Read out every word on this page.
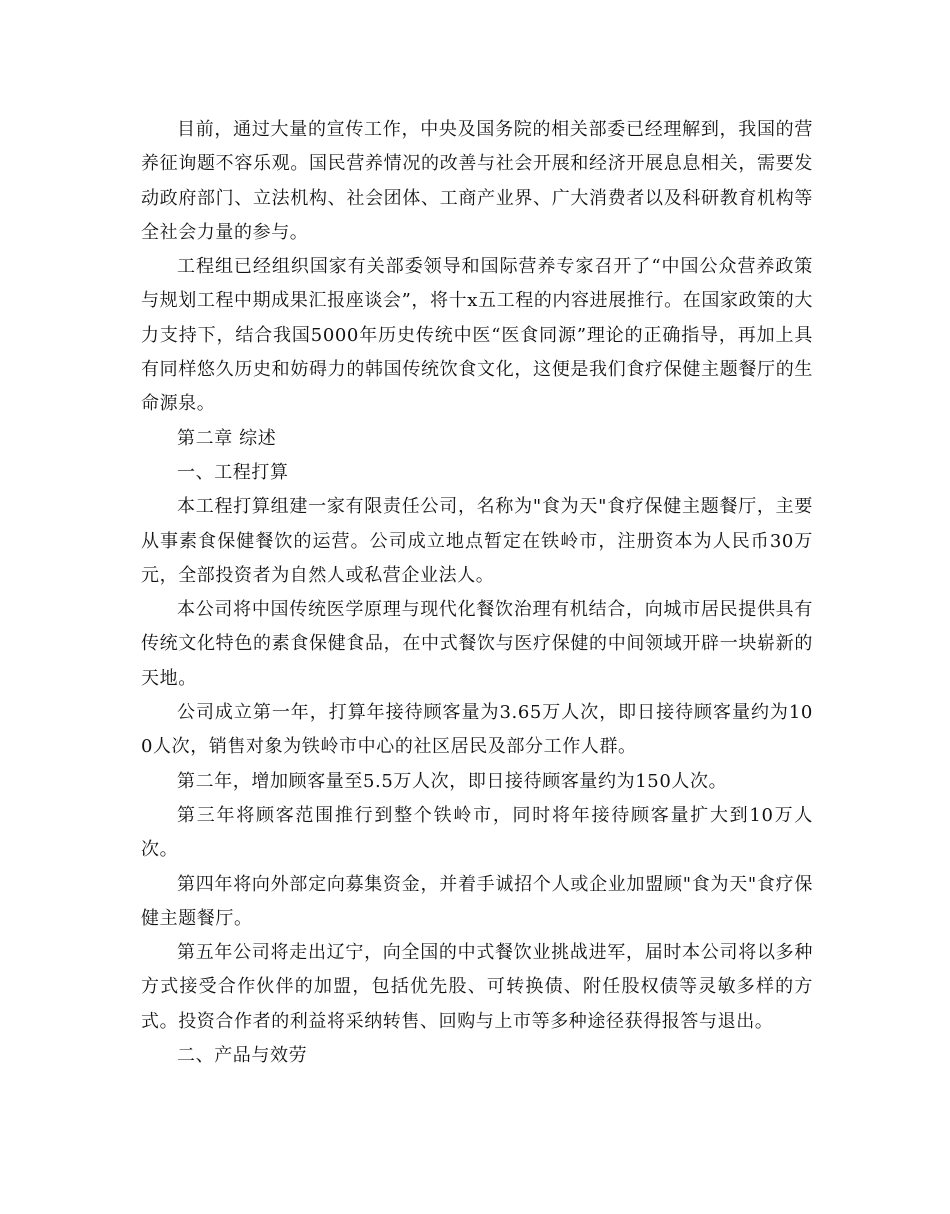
目前，通过大量的宣传工作，中央及国务院的相关部委已经理解到，我国的营养征询题不容乐观。国民营养情况的改善与社会开展和经济开展息息相关，需要发动政府部门、立法机构、社会团体、工商产业界、广大消费者以及科研教育机构等全社会力量的参与。

工程组已经组织国家有关部委领导和国际营养专家召开了“中国公众营养政策与规划工程中期成果汇报座谈会”，将十x五工程的内容进展推行。在国家政策的大力支持下，结合我国5000年历史传统中医“医食同源”理论的正确指导，再加上具有同样悠久历史和妨碍力的韩国传统饮食文化，这便是我们食疗保健主题餐厅的生命源泉。

第二章 综述

一、工程打算

本工程打算组建一家有限责任公司，名称为"食为天"食疗保健主题餐厅，主要从事素食保健餐饮的运营。公司成立地点暂定在铁岭市，注册资本为人民币30万元，全部投资者为自然人或私营企业法人。

本公司将中国传统医学原理与现代化餐饮治理有机结合，向城市居民提供具有传统文化特色的素食保健食品，在中式餐饮与医疗保健的中间领域开辟一块崭新的天地。

公司成立第一年，打算年接待顾客量为3.65万人次，即日接待顾客量约为100人次，销售对象为铁岭市中心的社区居民及部分工作人群。

第二年，增加顾客量至5.5万人次，即日接待顾客量约为150人次。

第三年将顾客范围推行到整个铁岭市，同时将年接待顾客量扩大到10万人次。

第四年将向外部定向募集资金，并着手诚招个人或企业加盟顾"食为天"食疗保健主题餐厅。

第五年公司将走出辽宁，向全国的中式餐饮业挑战进军，届时本公司将以多种方式接受合作伙伴的加盟，包括优先股、可转换债、附任股权债等灵敏多样的方式。投资合作者的利益将采纳转售、回购与上市等多种途径获得报答与退出。

二、产品与效劳
